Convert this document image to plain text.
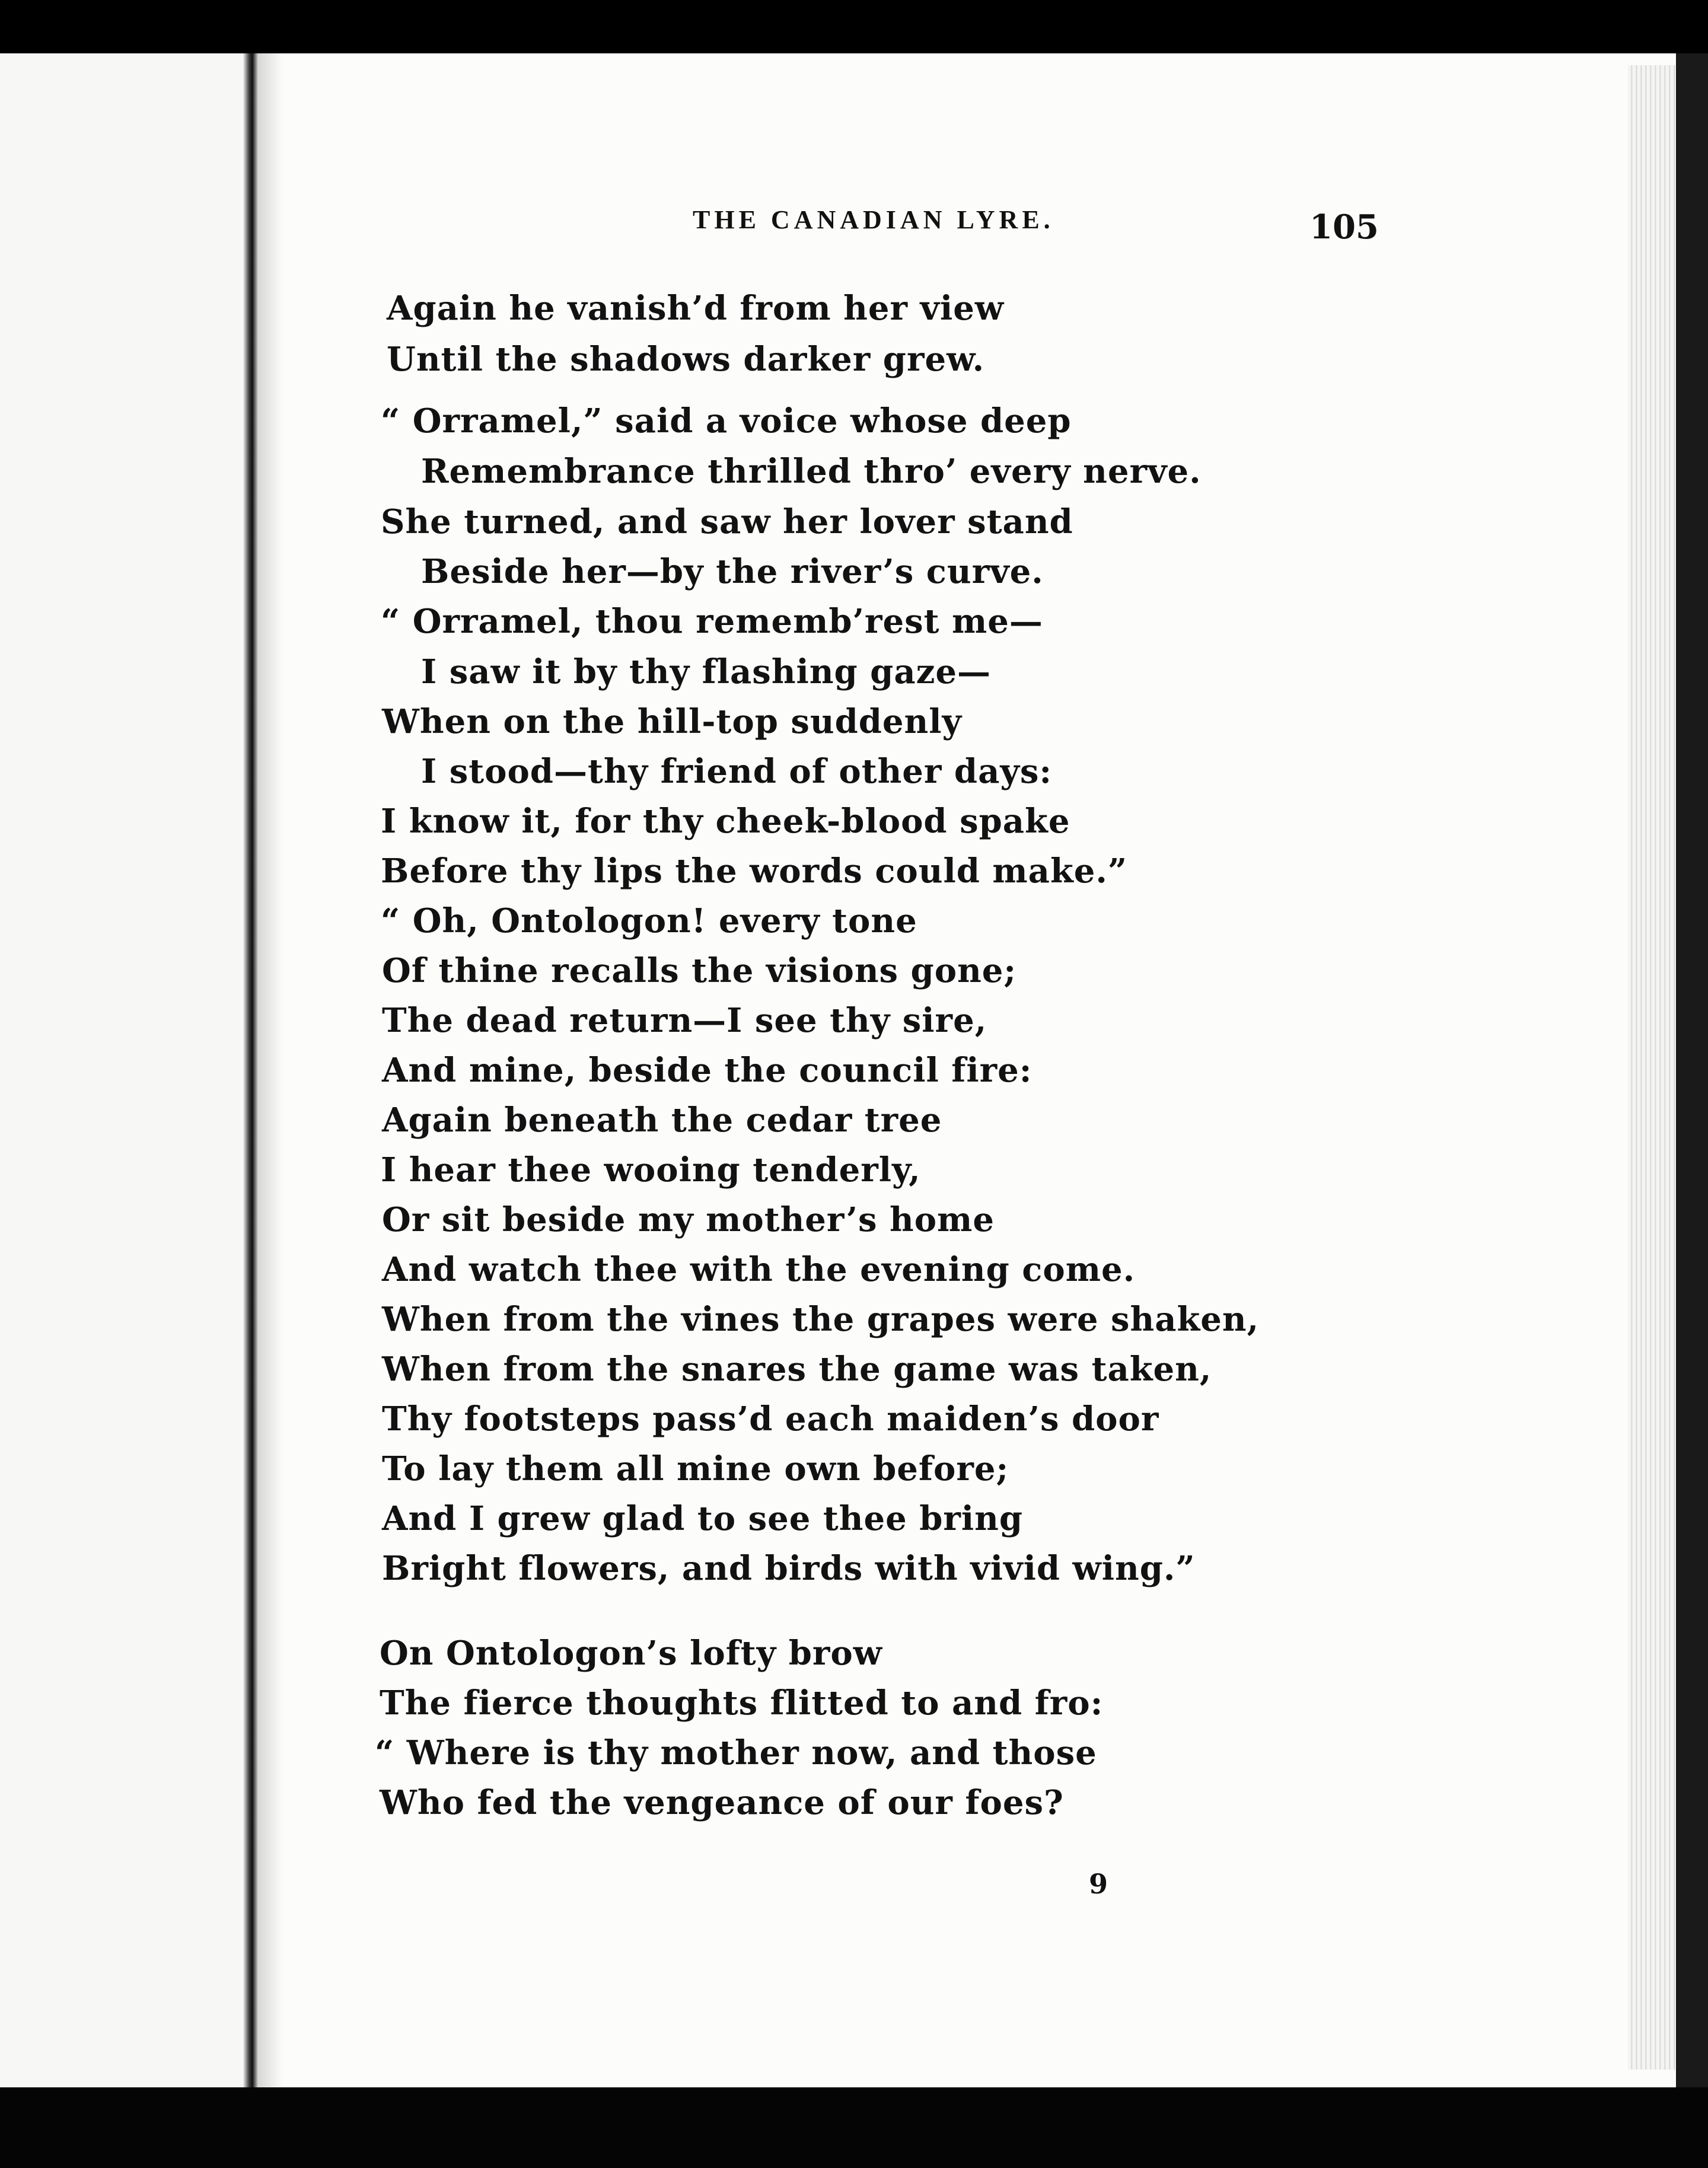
THE CANADIAN LYRE.	105
Again he vanish’d from her view
Until the shadows darker grew.
“ Orramel,” said a voice whose deep
Remembrance thrilled thro’ every nerve.
She turned, and saw her lover stand
Beside her—by the river’s curve.
“ Orramel, thou rememb’rest me—
I saw it by thy flashing gaze—
When on the hill-top suddenly
I stood—thy friend of other days:
I know it, for thy cheek-blood spake
Before thy lips the words could make.”
“ Oh, Ontologon! every tone
Of thine recalls the visions gone;
The dead return—I see thy sire,
And mine, beside the council fire:
Again beneath the cedar tree
I hear thee wooing tenderly,
Or sit beside my mother’s home
And watch thee with the evening come.
When from the vines the grapes were shaken,
When from the snares the game was taken,
Thy footsteps pass’d each maiden’s door
To lay them all mine own before;
And I grew glad to see thee bring
Bright flowers, and birds with vivid wing.”
On Ontologon’s lofty brow
The fierce thoughts flitted to and fro:
“ Where is thy mother now, and those
Who fed the vengeance of our foes?
9
